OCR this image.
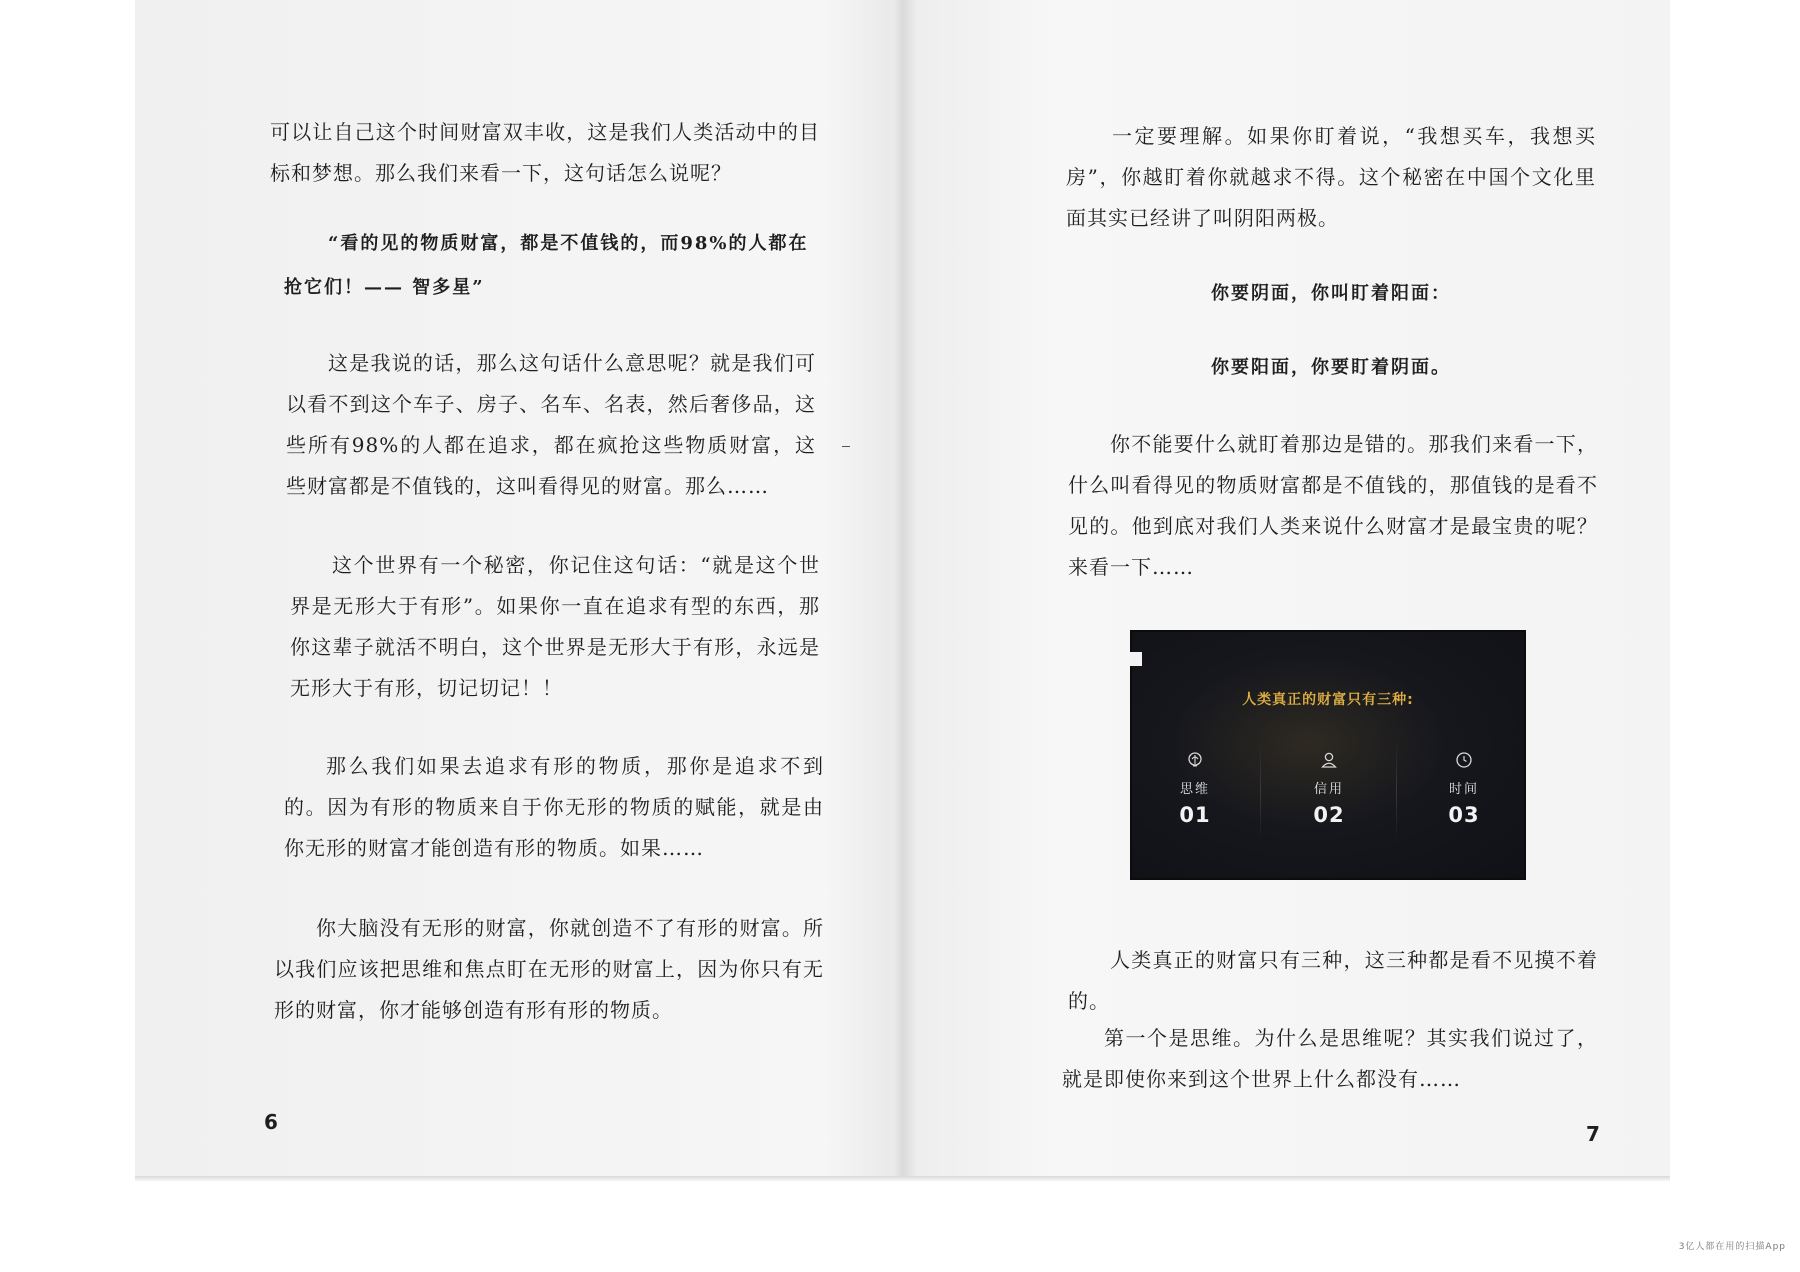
可以让自己这个时间财富双丰收，这是我们人类活动中的目标和梦想。那么我们来看一下，这句话怎么说呢？

“看的见的物质财富，都是不值钱的，而98%的人都在抢它们！—— 智多星”

这是我说的话，那么这句话什么意思呢？就是我们可以看不到这个车子、房子、名车、名表，然后奢侈品，这些所有98%的人都在追求，都在疯抢这些物质财富，这些财富都是不值钱的，这叫看得见的财富。那么……

这个世界有一个秘密，你记住这句话：“就是这个世界是无形大于有形”。如果你一直在追求有型的东西，那你这辈子就活不明白，这个世界是无形大于有形，永远是无形大于有形，切记切记！！

那么我们如果去追求有形的物质，那你是追求不到的。因为有形的物质来自于你无形的物质的赋能，就是由你无形的财富才能创造有形的物质。如果……

你大脑没有无形的财富，你就创造不了有形的财富。所以我们应该把思维和焦点盯在无形的财富上，因为你只有无形的财富，你才能够创造有形有形的物质。

6

一定要理解。如果你盯着说，“我想买车，我想买房”，你越盯着你就越求不得。这个秘密在中国个文化里面其实已经讲了叫阴阳两极。

你要阴面，你叫盯着阳面：

你要阳面，你要盯着阴面。

你不能要什么就盯着那边是错的。那我们来看一下，什么叫看得见的物质财富都是不值钱的，那值钱的是看不见的。他到底对我们人类来说什么财富才是最宝贵的呢？来看一下……

人类真正的财富只有三种:
思维
01
信用
02
时间
03

人类真正的财富只有三种，这三种都是看不见摸不着的。

第一个是思维。为什么是思维呢？其实我们说过了，就是即使你来到这个世界上什么都没有……

7
3亿人都在用的扫描App
